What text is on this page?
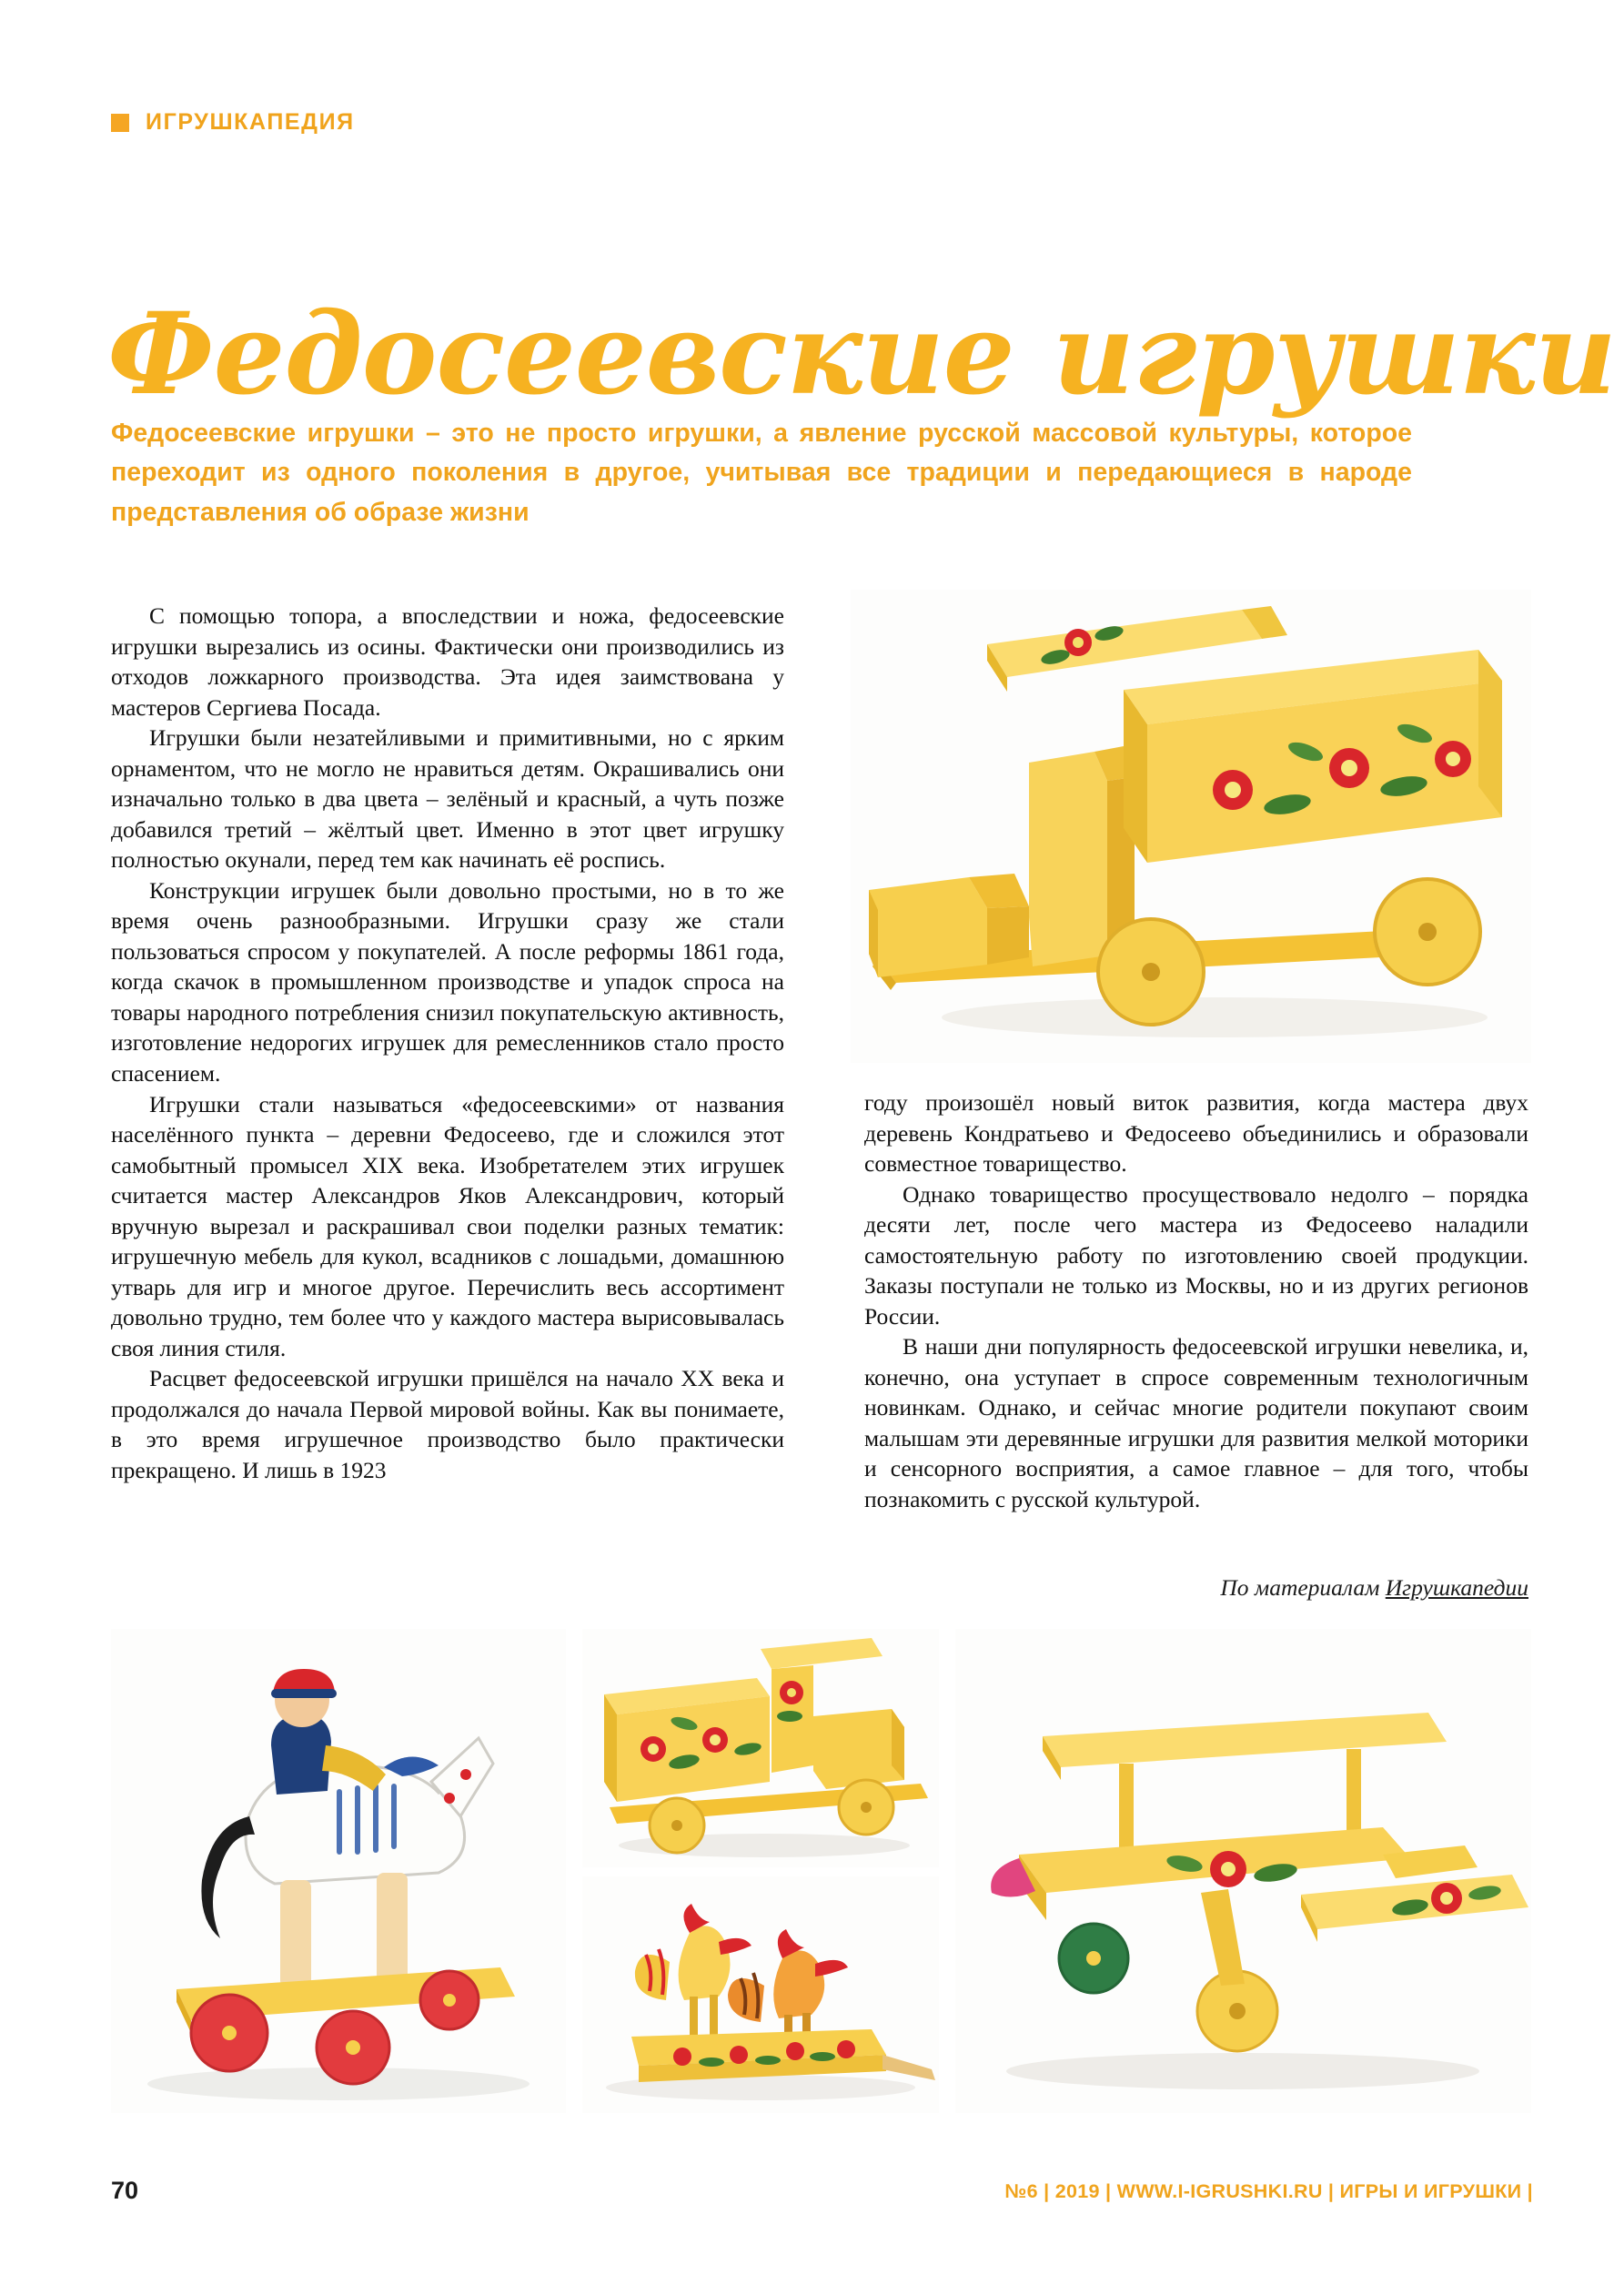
ИГРУШКАПЕДИЯ
Федосеевские игрушки
Федосеевские игрушки – это не просто игрушки, а явление русской массовой культуры, которое переходит из одного поколения в другое, учитывая все традиции и передающиеся в народе представления об образе жизни

С помощью топора, а впоследствии и ножа, федосеевские игрушки вырезались из осины. Фактически они производились из отходов ложкарного производства. Эта идея заимствована у мастеров Сергиева Посада.

Игрушки были незатейливыми и примитивными, но с ярким орнаментом, что не могло не нравиться детям. Окрашивались они изначально только в два цвета – зелёный и красный, а чуть позже добавился третий – жёлтый цвет. Именно в этот цвет игрушку полностью окунали, перед тем как начинать её роспись.

Конструкции игрушек были довольно простыми, но в то же время очень разнообразными. Игрушки сразу же стали пользоваться спросом у покупателей. А после реформы 1861 года, когда скачок в промышленном производстве и упадок спроса на товары народного потребления снизил покупательскую активность, изготовление недорогих игрушек для ремесленников стало просто спасением.

Игрушки стали называться «федосеевскими» от названия населённого пункта – деревни Федосеево, где и сложился этот самобытный промысел XIX века. Изобретателем этих игрушек считается мастер Александров Яков Александрович, который вручную вырезал и раскрашивал свои поделки разных тематик: игрушечную мебель для кукол, всадников с лошадьми, домашнюю утварь для игр и многое другое. Перечислить весь ассортимент довольно трудно, тем более что у каждого мастера вырисовывалась своя линия стиля.

Расцвет федосеевской игрушки пришёлся на начало XX века и продолжался до начала Первой мировой войны. Как вы понимаете, в это время игрушечное производство было практически прекращено. И лишь в 1923

году произошёл новый виток развития, когда мастера двух деревень Кондратьево и Федосеево объединились и образовали совместное товарищество.

Однако товарищество просуществовало недолго – порядка десяти лет, после чего мастера из Федосеево наладили самостоятельную работу по изготовлению своей продукции. Заказы поступали не только из Москвы, но и из других регионов России.

В наши дни популярность федосеевской игрушки невелика, и, конечно, она уступает в спросе современным технологичным новинкам. Однако, и сейчас многие родители покупают своим малышам эти деревянные игрушки для развития мелкой моторики и сенсорного восприятия, а самое главное – для того, чтобы познакомить с русской культурой.

По материалам Игрушкапедии
70	№6 | 2019 | WWW.I-IGRUSHKI.RU | ИГРЫ И ИГРУШКИ |
